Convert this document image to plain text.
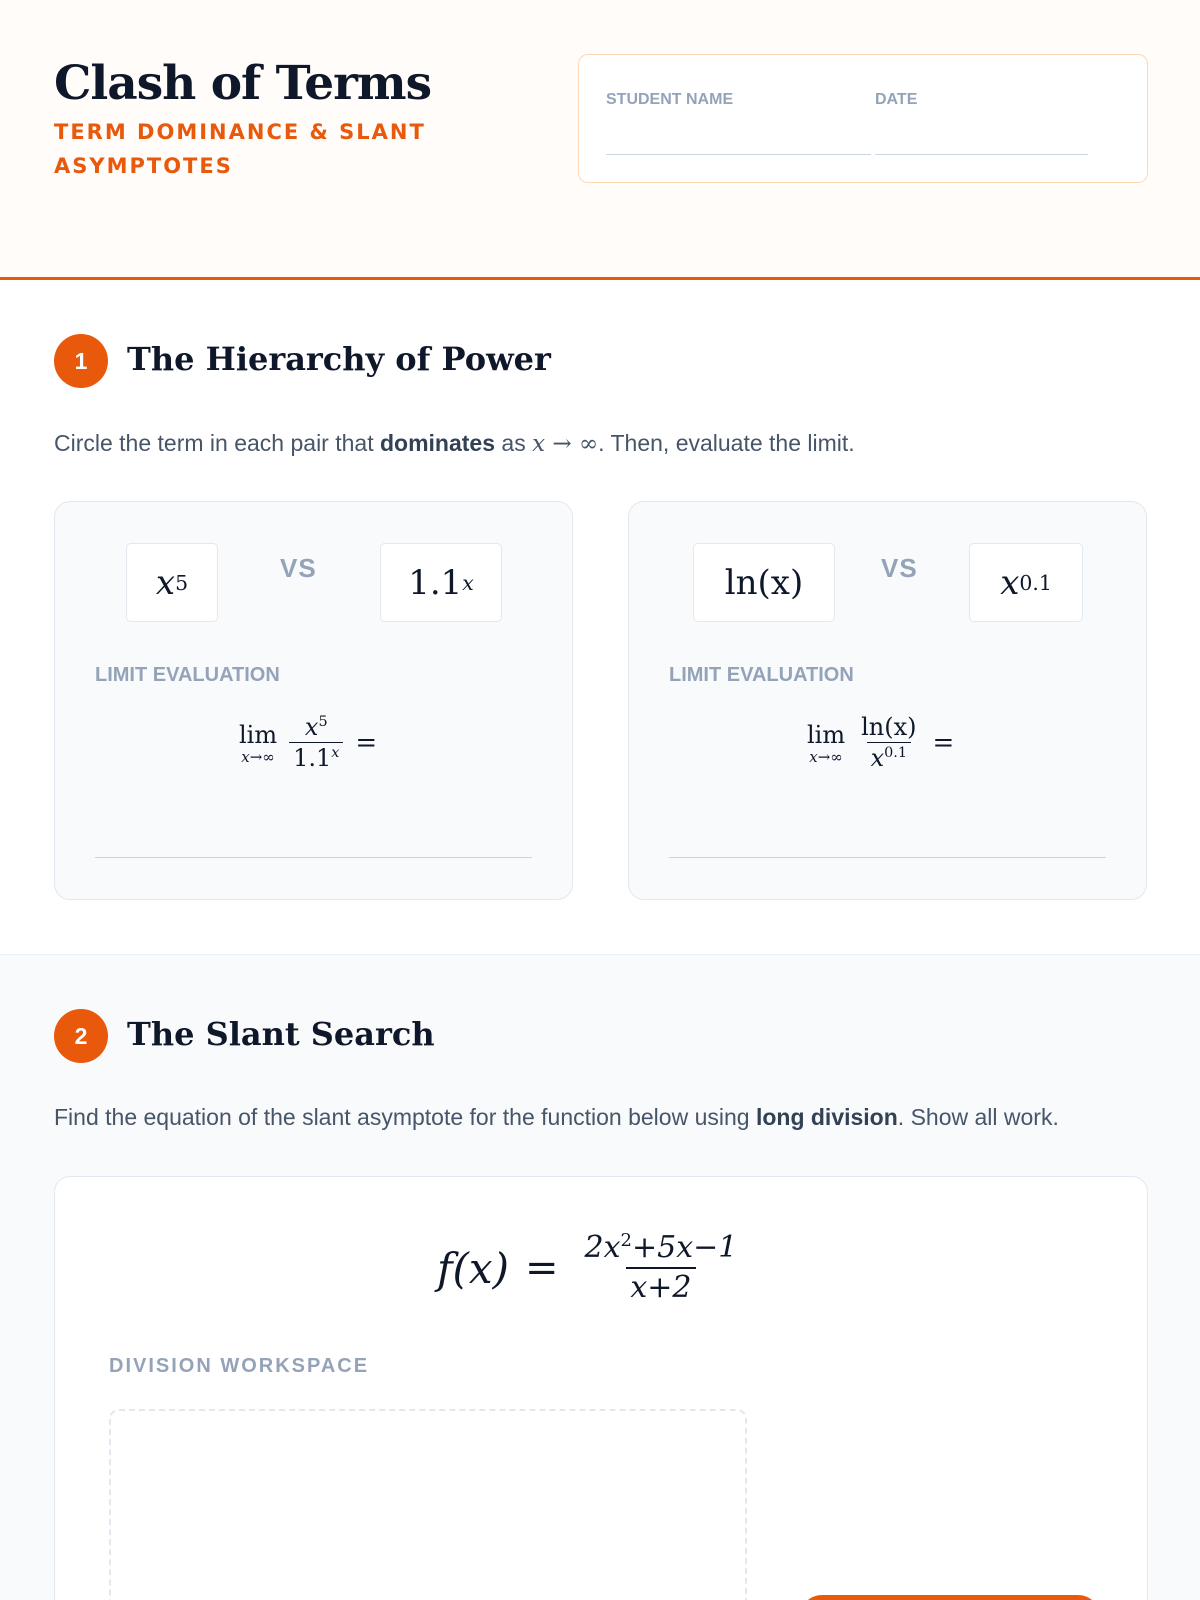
Clash of Terms
TERM DOMINANCE & SLANT ASYMPTOTES
STUDENT NAME	DATE
1	The Hierarchy of Power
Circle the term in each pair that dominates as x → ∞. Then, evaluate the limit.
x 5	VS	1.1 x
LIMIT EVALUATION
lim
$x\to\infty \frac{x^5}{1.1^x}$ =
ln(x)	VS x 0.1
LIMIT EVALUATION
lim
$x\to\infty \frac{\ln(x)}{x^{0.1}}$ =
2	The Slant Search
Find the equation of the slant asymptote for the function below using long division. Show all work.
$f(x) = \frac{2x^2+5x-1}{x+2}$
DIVISION WORKSPACE
